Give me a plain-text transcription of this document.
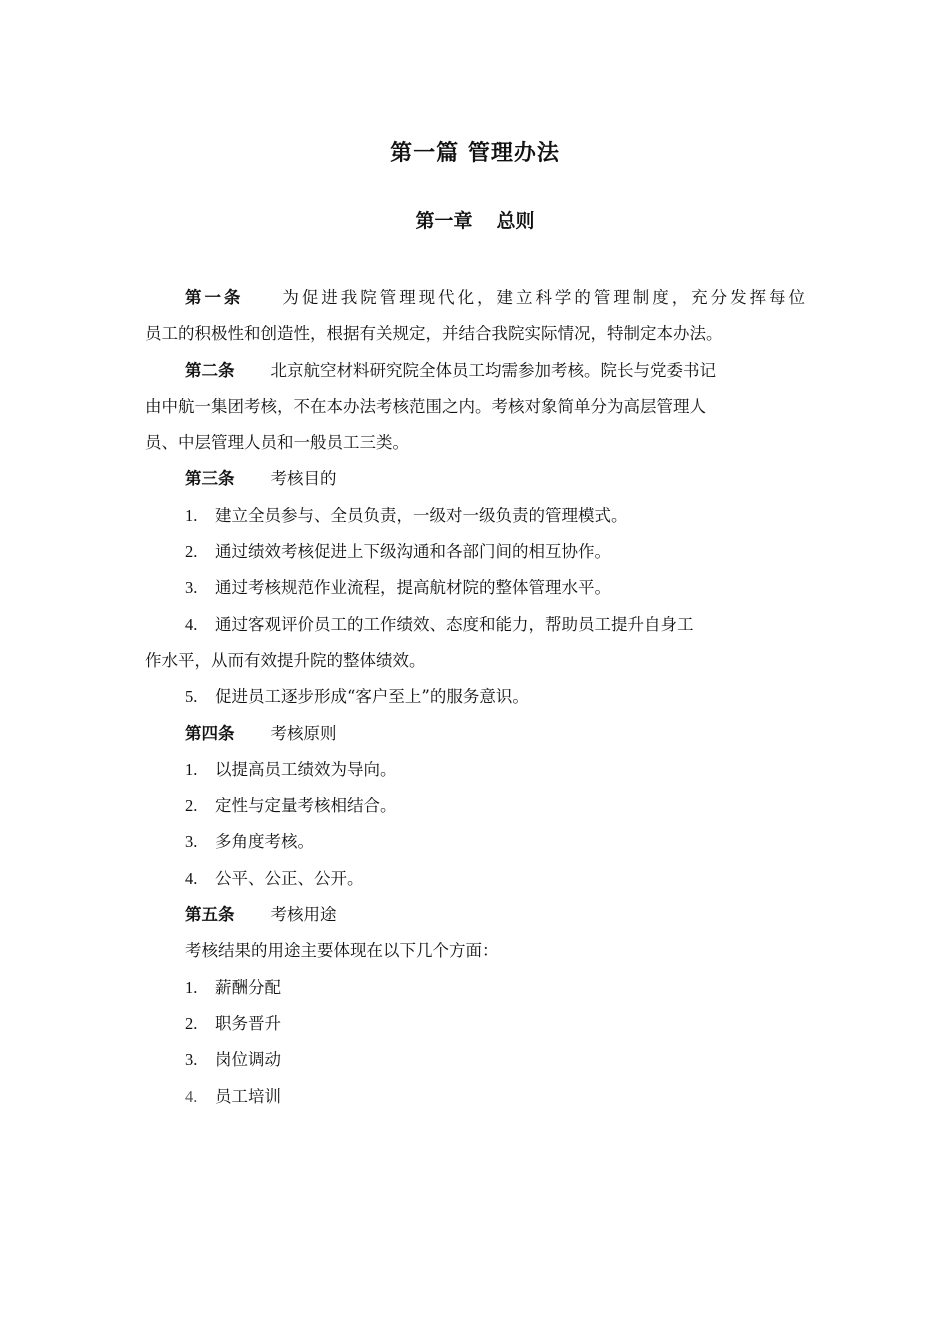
第一篇 管理办法
第一章 总则
第一条 为促进我院管理现代化，建立科学的管理制度，充分发挥每位
员工的积极性和创造性，根据有关规定，并结合我院实际情况，特制定本办法。
第二条 北京航空材料研究院全体员工均需参加考核。院长与党委书记
由中航一集团考核，不在本办法考核范围之内。考核对象简单分为高层管理人
员、中层管理人员和一般员工三类。
第三条 考核目的
1. 建立全员参与、全员负责，一级对一级负责的管理模式。
2. 通过绩效考核促进上下级沟通和各部门间的相互协作。
3. 通过考核规范作业流程，提高航材院的整体管理水平。
4. 通过客观评价员工的工作绩效、态度和能力，帮助员工提升自身工
作水平，从而有效提升院的整体绩效。
5. 促进员工逐步形成“客户至上”的服务意识。
第四条 考核原则
1. 以提高员工绩效为导向。
2. 定性与定量考核相结合。
3. 多角度考核。
4. 公平、公正、公开。
第五条 考核用途
考核结果的用途主要体现在以下几个方面：
1. 薪酬分配
2. 职务晋升
3. 岗位调动
4. 员工培训
